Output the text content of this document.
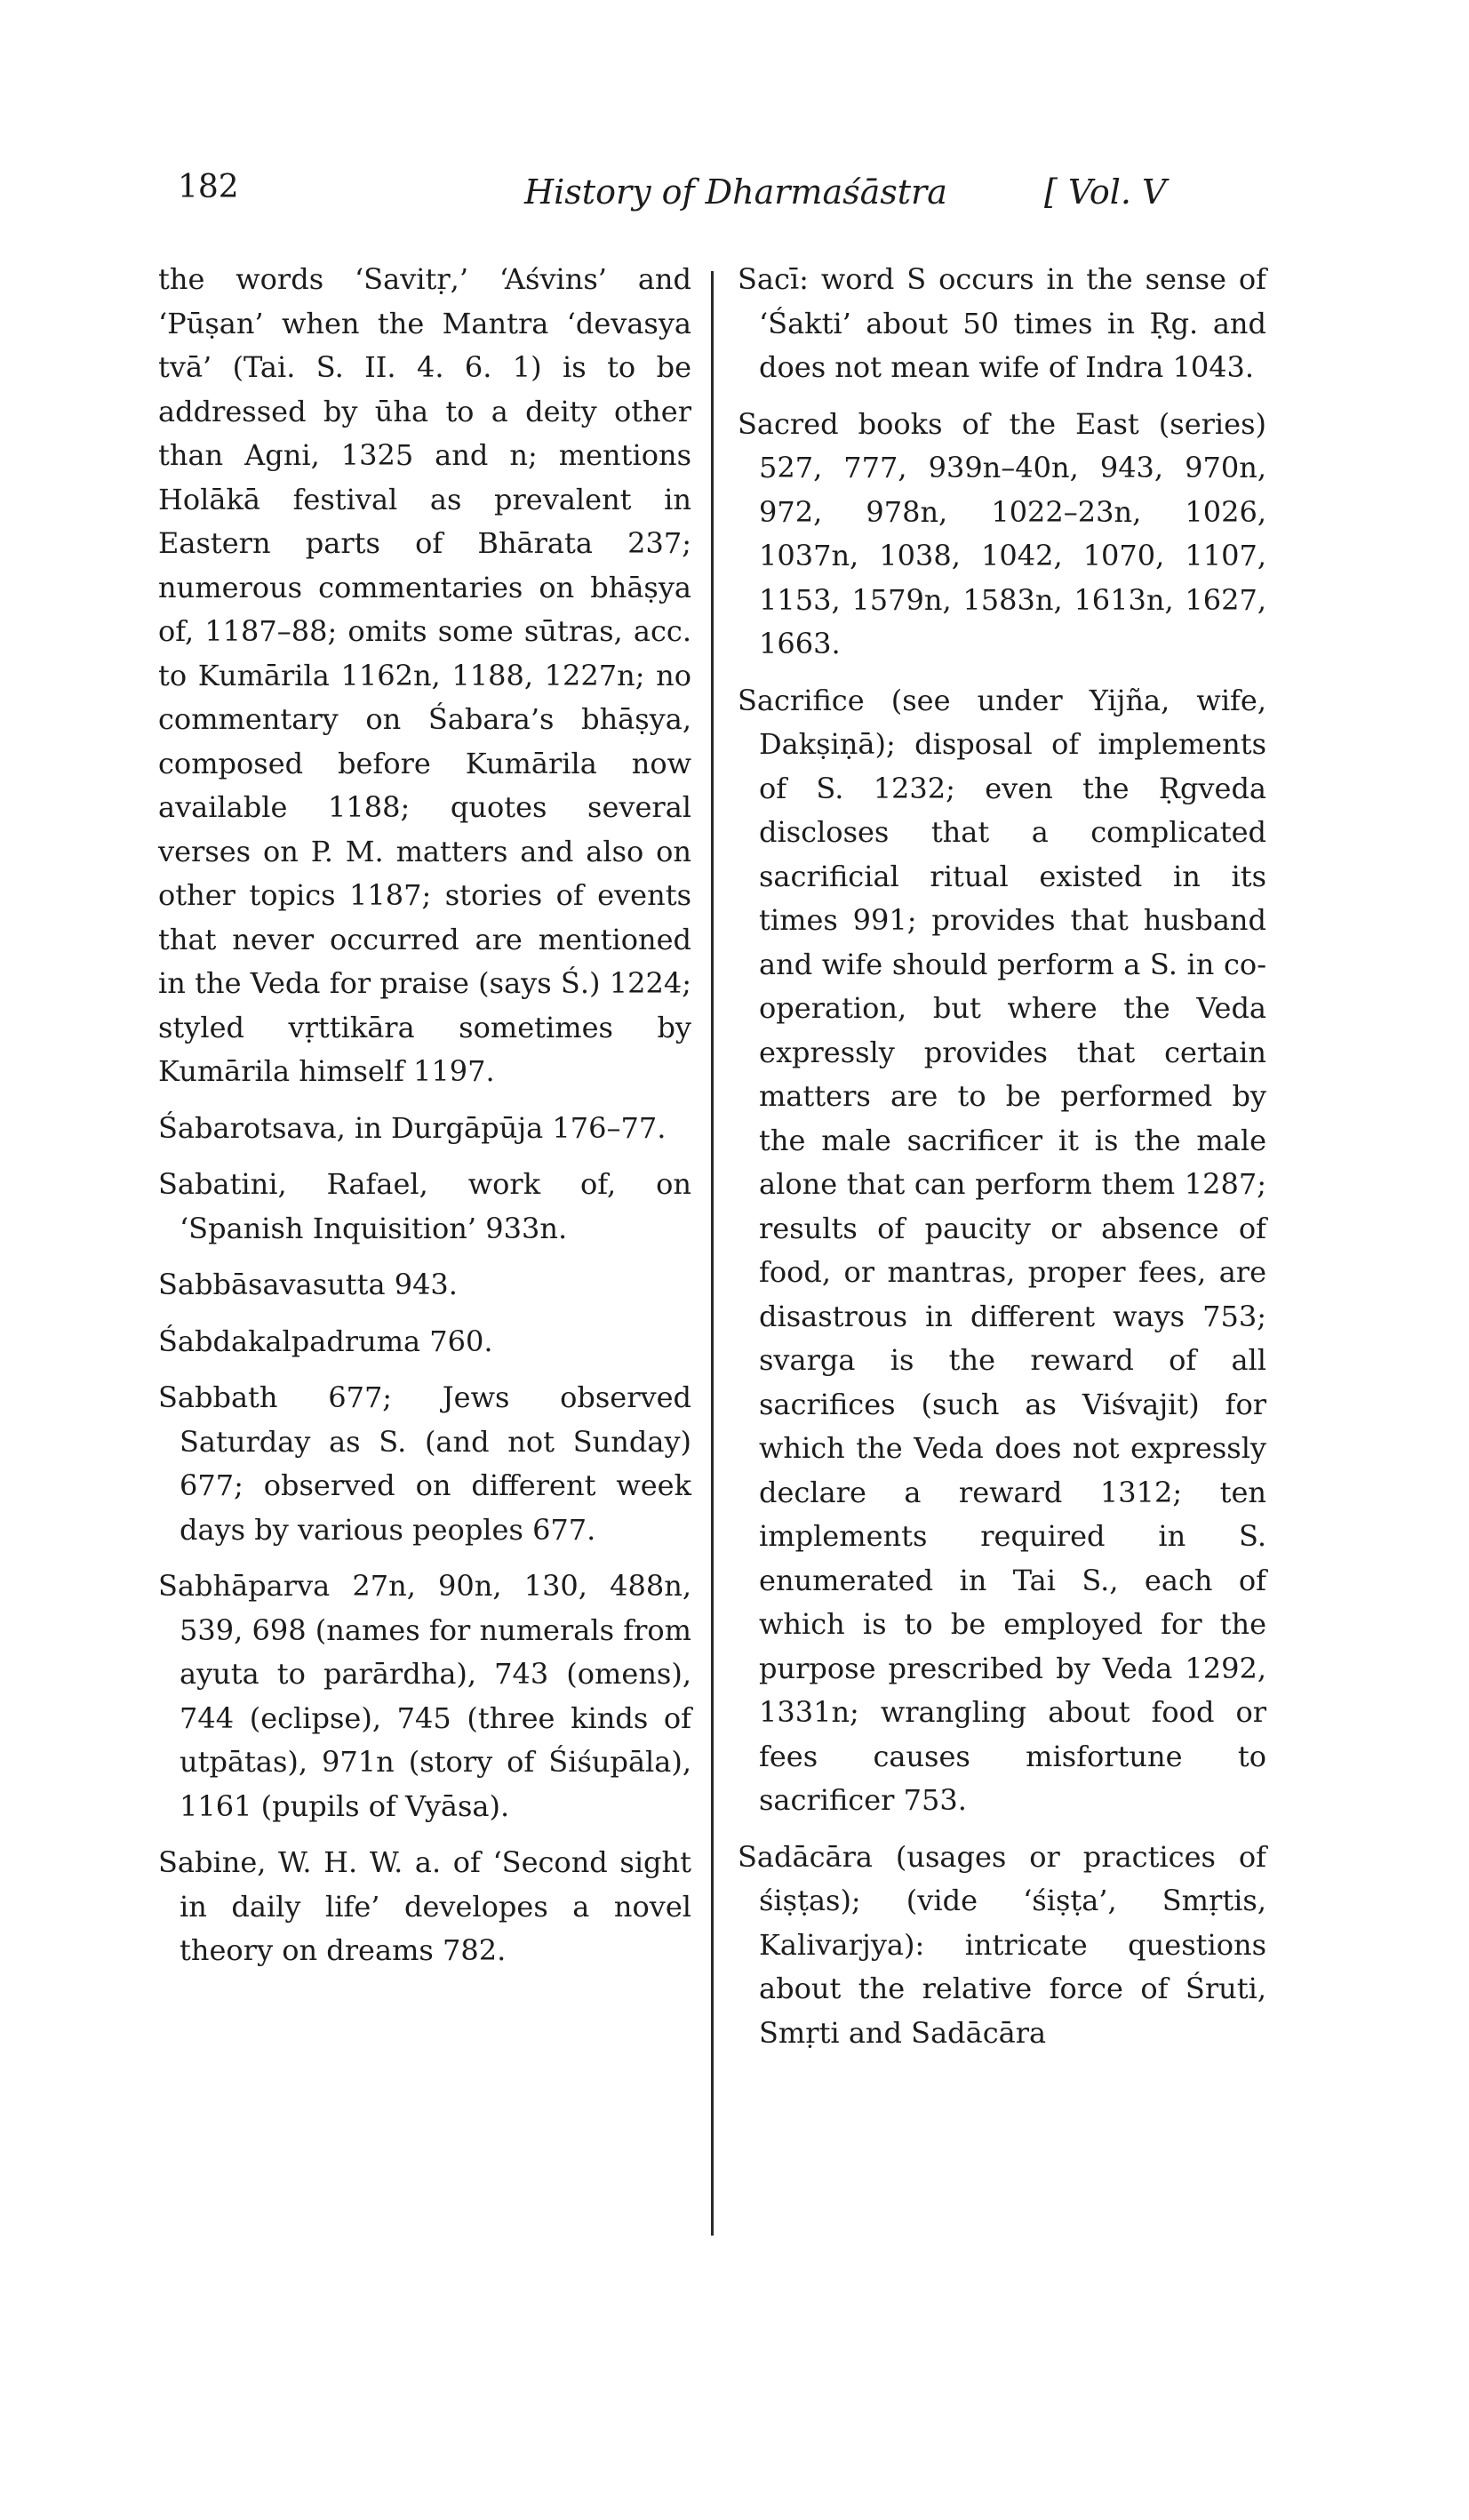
182	History of Dharmaśāstra	[ Vol. V

the words ‘Savitṛ,’ ‘Aśvins’ and ‘Pūṣan’ when the Mantra ‘devasya tvā’ (Tai. S. II. 4. 6. 1) is to be addressed by ūha to a deity other than Agni, 1325 and n; mentions Holākā festival as prevalent in Eastern parts of Bhārata 237; numerous commentaries on bhāṣya of, 1187–88; omits some sūtras, acc. to Kumārila 1162n, 1188, 1227n; no commentary on Śabara’s bhāṣya, composed before Kumārila now available 1188; quotes several verses on P. M. matters and also on other topics 1187; stories of events that never occurred are mentioned in the Veda for praise (says Ś.) 1224; styled vṛttikāra sometimes by Kumārila himself 1197.

Śabarotsava, in Durgāpūja 176–77.

Sabatini, Rafael, work of, on ‘Spanish Inquisition’ 933n.

Sabbāsavasutta 943.

Śabdakalpadruma 760.

Sabbath 677; Jews observed Saturday as S. (and not Sunday) 677; observed on different week days by various peoples 677.

Sabhāparva 27n, 90n, 130, 488n, 539, 698 (names for numerals from ayuta to parārdha), 743 (omens), 744 (eclipse), 745 (three kinds of utpātas), 971n (story of Śiśupāla), 1161 (pupils of Vyāsa).

Sabine, W. H. W. a. of ‘Second sight in daily life’ developes a novel theory on dreams 782.

Sacī: word S occurs in the sense of ‘Śakti’ about 50 times in Ṛg. and does not mean wife of Indra 1043.

Sacred books of the East (series) 527, 777, 939n–40n, 943, 970n, 972, 978n, 1022–23n, 1026, 1037n, 1038, 1042, 1070, 1107, 1153, 1579n, 1583n, 1613n, 1627, 1663.

Sacrifice (see under Yijña, wife, Dakṣiṇā); disposal of implements of S. 1232; even the Ṛgveda discloses that a complicated sacrificial ritual existed in its times 991; provides that husband and wife should perform a S. in co-operation, but where the Veda expressly provides that certain matters are to be performed by the male sacrificer it is the male alone that can perform them 1287; results of paucity or absence of food, or mantras, proper fees, are disastrous in different ways 753; svarga is the reward of all sacrifices (such as Viśvajit) for which the Veda does not expressly declare a reward 1312; ten implements required in S. enumerated in Tai S., each of which is to be employed for the purpose prescribed by Veda 1292, 1331n; wrangling about food or fees causes misfortune to sacrificer 753.

Sadācāra (usages or practices of śiṣṭas); (vide ‘śiṣṭa’, Smṛtis, Kalivarjya): intricate questions about the relative force of Śruti, Smṛti and Sadācāra
